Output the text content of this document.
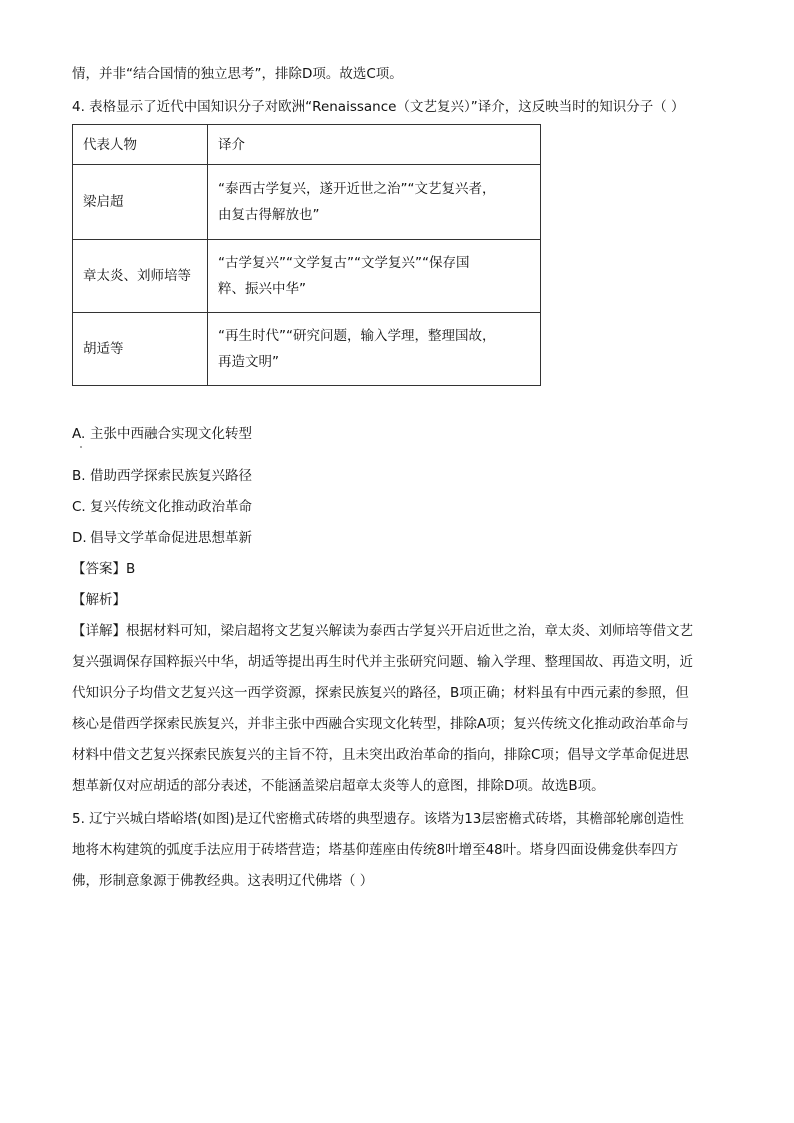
情，并非“结合国情的独立思考”，排除D项。故选C项。
4. 表格显示了近代中国知识分子对欧洲“Renaissance（文艺复兴）”译介，这反映当时的知识分子（ ）
代表人物	译介
梁启超	“泰西古学复兴，遂开近世之治”“文艺复兴者，
由复古得解放也”

章太炎、刘师培等	“古学复兴”“文学复古”“文学复兴”“保存国
粹、振兴中华”

胡适等	“再生时代”“研究问题，输入学理，整理国故，
再造文明”
A. 主张中西融合实现文化转型
B. 借助西学探索民族复兴路径
C. 复兴传统文化推动政治革命
D. 倡导文学革命促进思想革新
【答案】B
【解析】
【详解】根据材料可知，梁启超将文艺复兴解读为泰西古学复兴开启近世之治，章太炎、刘师培等借文艺
复兴强调保存国粹振兴中华，胡适等提出再生时代并主张研究问题、输入学理、整理国故、再造文明，近
代知识分子均借文艺复兴这一西学资源，探索民族复兴的路径，B项正确；材料虽有中西元素的参照，但
核心是借西学探索民族复兴，并非主张中西融合实现文化转型，排除A项；复兴传统文化推动政治革命与
材料中借文艺复兴探索民族复兴的主旨不符，且未突出政治革命的指向，排除C项；倡导文学革命促进思
想革新仅对应胡适的部分表述，不能涵盖梁启超章太炎等人的意图，排除D项。故选B项。
5. 辽宁兴城白塔峪塔(如图)是辽代密檐式砖塔的典型遗存。该塔为13层密檐式砖塔，其檐部轮廓创造性
地将木构建筑的弧度手法应用于砖塔营造；塔基仰莲座由传统8叶增至48叶。塔身四面设佛龛供奉四方
佛，形制意象源于佛教经典。这表明辽代佛塔（ ）
